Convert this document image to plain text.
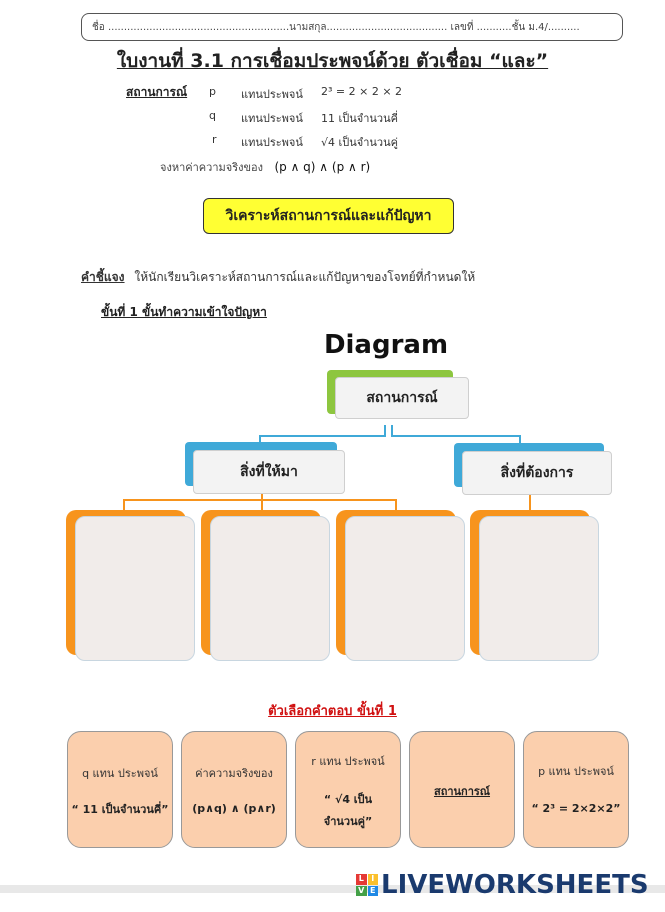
ชื่อ .........................................................นามสกุล...................................... เลขที่ ...........ชั้น ม.4/..........
ใบงานที่ 3.1 การเชื่อมประพจน์ด้วย ตัวเชื่อม “และ”
สถานการณ์ p แทนประพจน์ 2³ = 2 × 2 × 2
q แทนประพจน์ 11 เป็นจำนวนคี่
r แทนประพจน์ √4 เป็นจำนวนคู่
จงหาค่าความจริงของ (p ∧ q) ∧ (p ∧ r)
วิเคราะห์สถานการณ์และแก้ปัญหา
คำชี้แจง ให้นักเรียนวิเคราะห์สถานการณ์และแก้ปัญหาของโจทย์ที่กำหนดให้
ขั้นที่ 1 ขั้นทำความเข้าใจปัญหา
Diagram
สถานการณ์
สิ่งที่ให้มา	สิ่งที่ต้องการ
ตัวเลือกคำตอบ ขั้นที่ 1
q แทน ประพจน์
“ 11 เป็นจำนวนคี่”
ค่าความจริงของ
(p∧q) ∧ (p∧r)
r แทน ประพจน์
“ √4 เป็น
จำนวนคู่”
สถานการณ์
p แทน ประพจน์
“ 2³ = 2×2×2”
L I
V E LIVEWORKSHEETS
